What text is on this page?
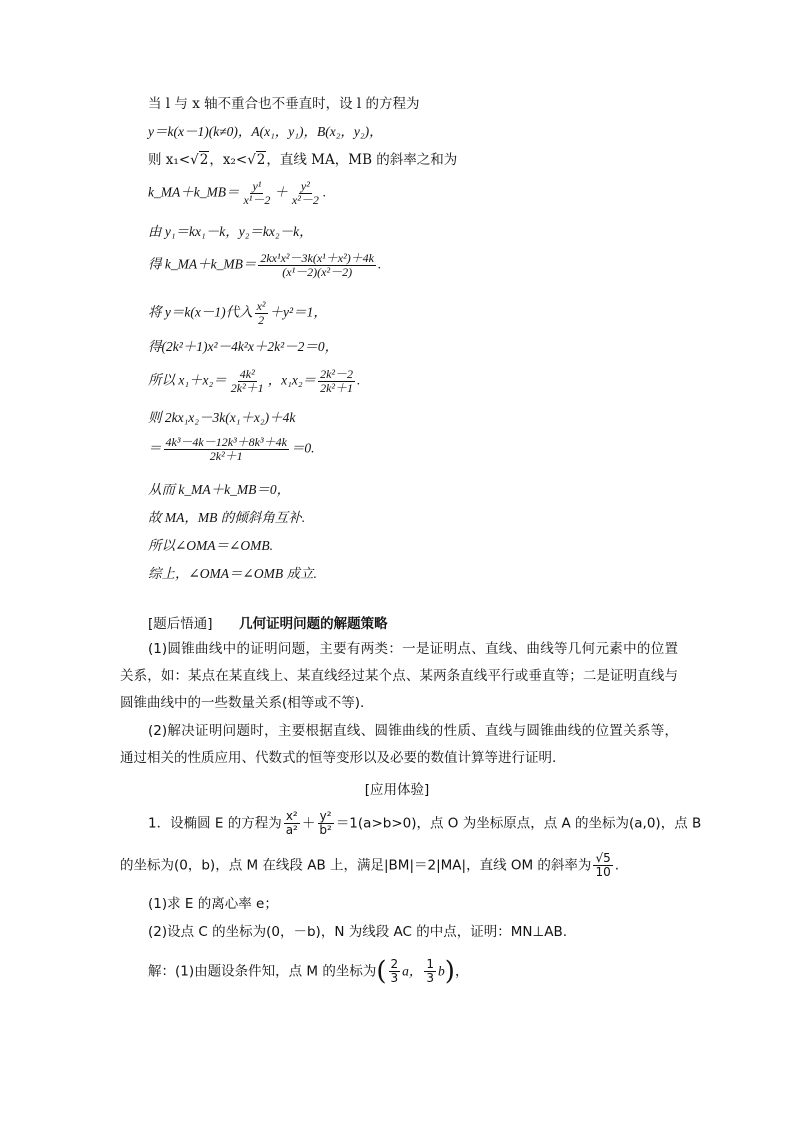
当 l 与 x 轴不重合也不垂直时，设 l 的方程为
y＝k(x－1)(k≠0)，A(x₁，y₁)，B(x₂，y₂)，
则 x₁<√2，x₂<√2，直线 MA，MB 的斜率之和为
k_MA＋k_MB＝ $\frac{\text{y¹}}{\text{x¹－2}} + \frac{\text{y²}}{\text{x²－2}}$ .
由 y₁＝kx₁－k，y₂＝kx₂－k，
得 k_MA＋k_MB＝ $\frac{\text{2kx¹x²－3k(x¹＋x²)＋4k}}{\text{(x¹－2)(x²－2)}}$ .
将 y＝k(x－1)代入 $\frac{\text{x²}}{2} +y^2=1$，
得(2k²＋1)x²－4k²x＋2k²－2＝0，
所以 $x_1+x_2= \frac{\text{4k²}}{\text{2k²＋1}}$ ，$x_1x_2= \frac{\text{2k²－2}}{\text{2k²＋1}}$ .
则 2kx₁x₂－3k(x₁＋x₂)＋4k
＝ $\frac{\text{4k³－4k－12k³＋8k³＋4k}}{\text{2k²＋1}} =0$.
从而 k_MA＋k_MB＝0，
故 MA，MB 的倾斜角互补.
所以∠OMA＝∠OMB.
综上，∠OMA＝∠OMB 成立.
[题后悟通] 几何证明问题的解题策略
(1)圆锥曲线中的证明问题，主要有两类：一是证明点、直线、曲线等几何元素中的位置关系，如：某点在某直线上、某直线经过某个点、某两条直线平行或垂直等；二是证明直线与圆锥曲线中的一些数量关系(相等或不等).
(2)解决证明问题时，主要根据直线、圆锥曲线的性质、直线与圆锥曲线的位置关系等，通过相关的性质应用、代数式的恒等变形以及必要的数值计算等进行证明.
[应用体验]
1．设椭圆 E 的方程为 $\frac{\text{x²}}{\text{a²}} + \frac{\text{y²}}{\text{b²}} =1(a>b>0)$，点 O 为坐标原点，点 A 的坐标为(a,0)，点 B
的坐标为(0，b)，点 M 在线段 AB 上，满足|BM|＝2|MA|，直线 OM 的斜率为 $\frac{√5}{10}$ .
(1)求 E 的离心率 e；
(2)设点 C 的坐标为(0，－b)，N 为线段 AC 的中点，证明：MN⊥AB.
解：(1)由题设条件知，点 M 的坐标为( $\frac{2}{3}$ a， $\frac{1}{3} b$)，
